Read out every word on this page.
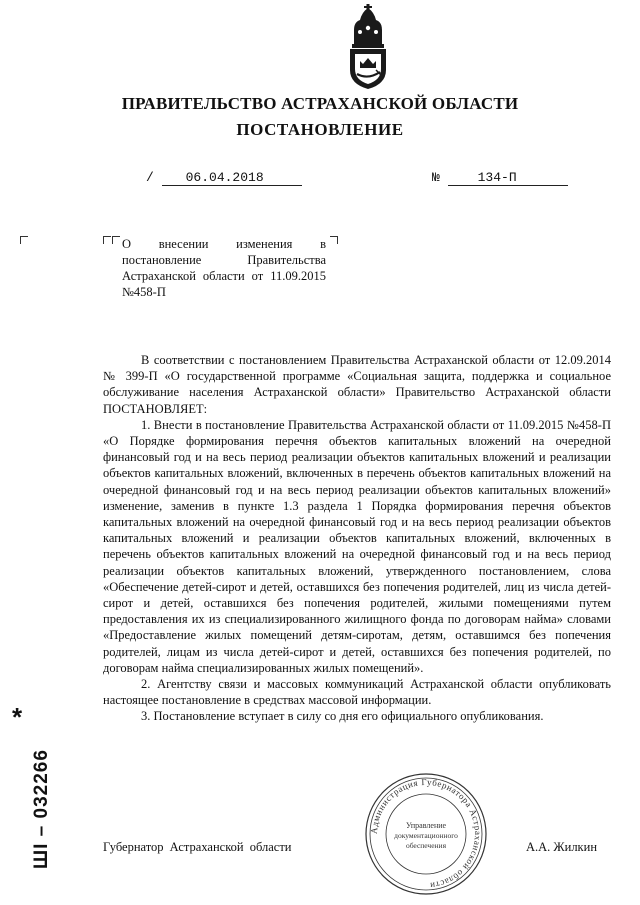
ПРАВИТЕЛЬСТВО АСТРАХАНСКОЙ ОБЛАСТИ
ПОСТАНОВЛЕНИЕ
/ 06.04.2018	№	134-П
О внесении изменения в постановление Правительства Астраханской области от 11.09.2015 №458-П

В соответствии с постановлением Правительства Астраханской области от 12.09.2014 № 399-П «О государственной программе «Социальная защита, поддержка и социальное обслуживание населения Астраханской области» Правительство Астраханской области ПОСТАНОВЛЯЕТ:

1. Внести в постановление Правительства Астраханской области от 11.09.2015 №458-П «О Порядке формирования перечня объектов капитальных вложений на очередной финансовый год и на весь период реализации объектов капитальных вложений и реализации объектов капитальных вложений, включенных в перечень объектов капитальных вложений на очередной финансовый год и на весь период реализации объектов капитальных вложений» изменение, заменив в пункте 1.3 раздела 1 Порядка формирования перечня объектов капитальных вложений на очередной финансовый год и на весь период реализации объектов капитальных вложений и реализации объектов капитальных вложений, включенных в перечень объектов капитальных вложений на очередной финансовый год и на весь период реализации объектов капитальных вложений, утвержденного постановлением, слова «Обеспечение детей-сирот и детей, оставшихся без попечения родителей, лиц из числа детей-сирот и детей, оставшихся без попечения родителей, жилыми помещениями путем предоставления их из специализированного жилищного фонда по договорам найма» словами «Предоставление жилых помещений детям-сиротам, детям, оставшимся без попечения родителей, лицам из числа детей-сирот и детей, оставшихся без попечения родителей, по договорам найма специализированных жилых помещений».

2. Агентству связи и массовых коммуникаций Астраханской области опубликовать настоящее постановление в средствах массовой информации.

3. Постановление вступает в силу со дня его официального опубликования.

Администрация Губернатора Астраханской области
Управление
документационного
обеспечения
Губернатор Астраханской области	А.А. Жилкин
*
ШI – 032266
